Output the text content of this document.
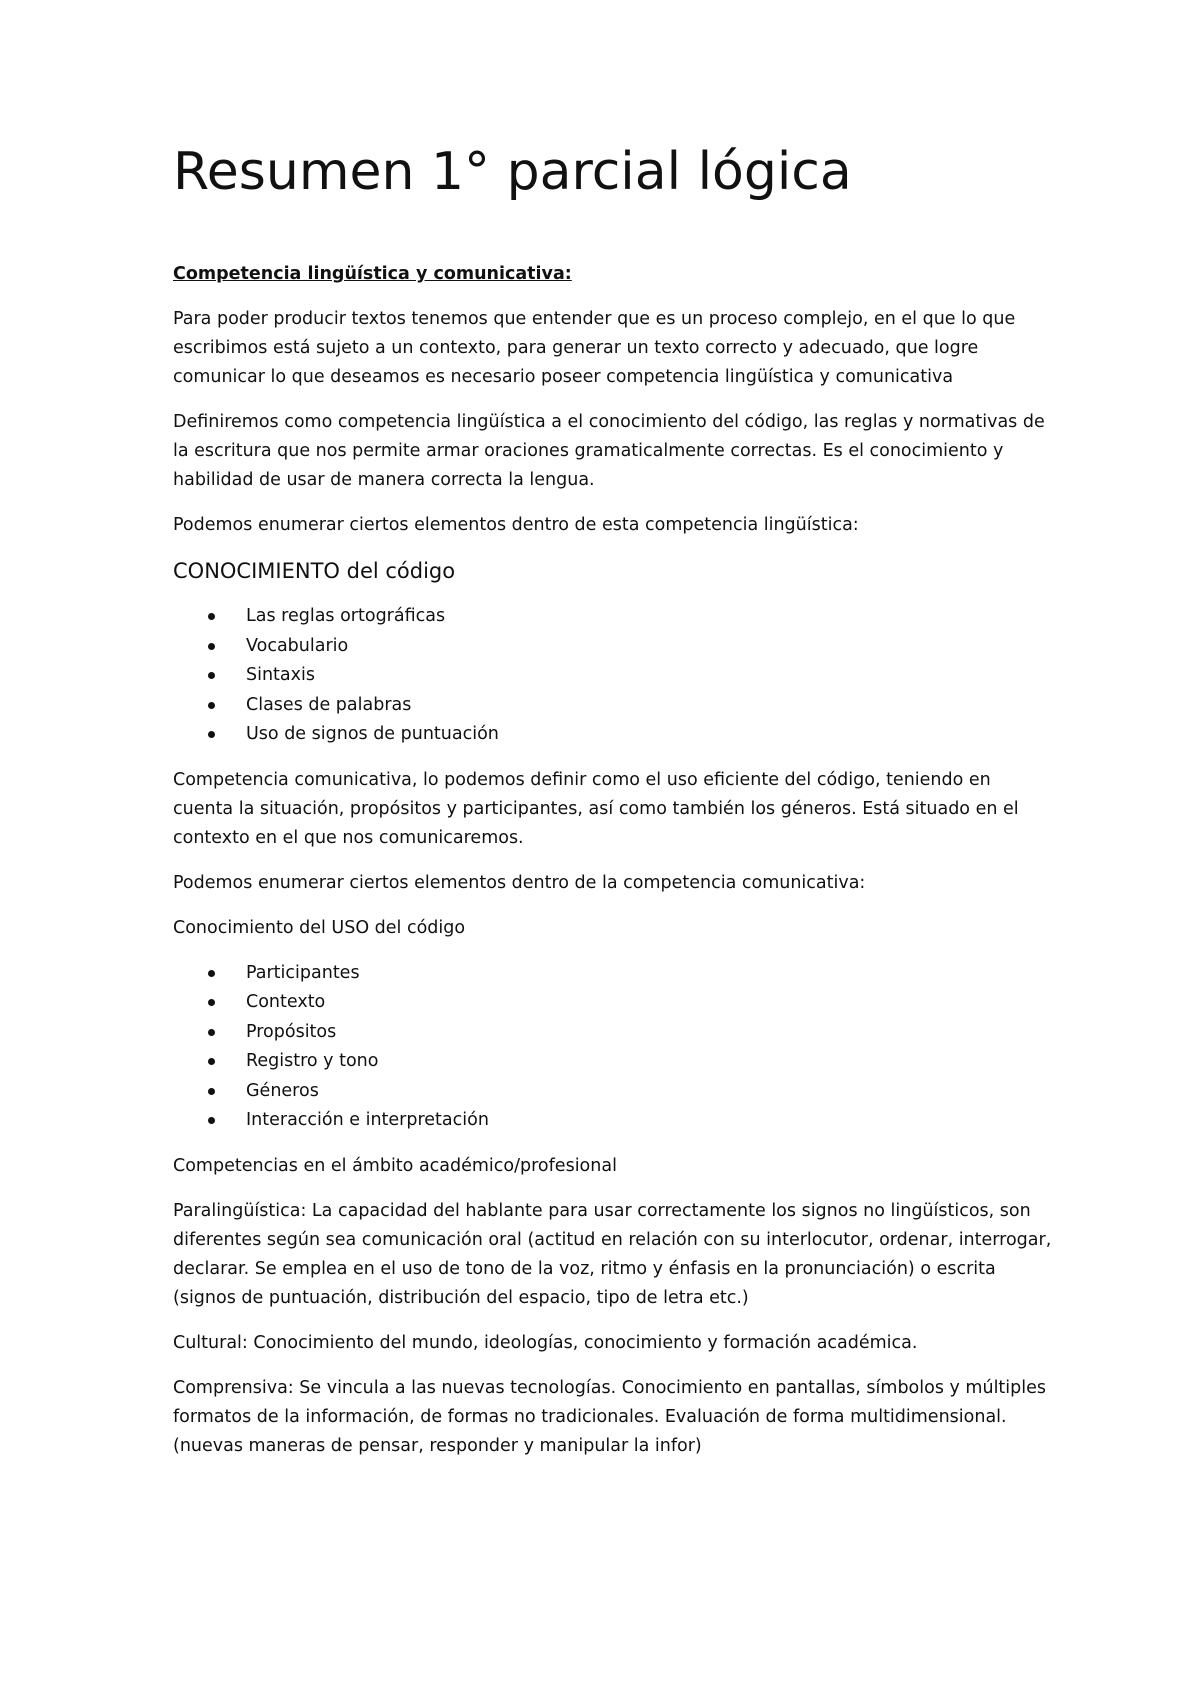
Resumen 1° parcial lógica

Competencia lingüística y comunicativa:

Para poder producir textos tenemos que entender que es un proceso complejo, en el que lo que escribimos está sujeto a un contexto, para generar un texto correcto y adecuado, que logre comunicar lo que deseamos es necesario poseer competencia lingüística y comunicativa

Definiremos como competencia lingüística a el conocimiento del código, las reglas y normativas de la escritura que nos permite armar oraciones gramaticalmente correctas. Es el conocimiento y habilidad de usar de manera correcta la lengua.

Podemos enumerar ciertos elementos dentro de esta competencia lingüística:

CONOCIMIENTO del código

Las reglas ortográficas
Vocabulario
Sintaxis
Clases de palabras
Uso de signos de puntuación

Competencia comunicativa, lo podemos definir como el uso eficiente del código, teniendo en cuenta la situación, propósitos y participantes, así como también los géneros. Está situado en el contexto en el que nos comunicaremos.

Podemos enumerar ciertos elementos dentro de la competencia comunicativa:

Conocimiento del USO del código

Participantes
Contexto
Propósitos
Registro y tono
Géneros
Interacción e interpretación

Competencias en el ámbito académico/profesional

Paralingüística: La capacidad del hablante para usar correctamente los signos no lingüísticos, son diferentes según sea comunicación oral (actitud en relación con su interlocutor, ordenar, interrogar, declarar. Se emplea en el uso de tono de la voz, ritmo y énfasis en la pronunciación) o escrita (signos de puntuación, distribución del espacio, tipo de letra etc.)

Cultural: Conocimiento del mundo, ideologías, conocimiento y formación académica.

Comprensiva: Se vincula a las nuevas tecnologías. Conocimiento en pantallas, símbolos y múltiples formatos de la información, de formas no tradicionales. Evaluación de forma multidimensional. (nuevas maneras de pensar, responder y manipular la infor)
